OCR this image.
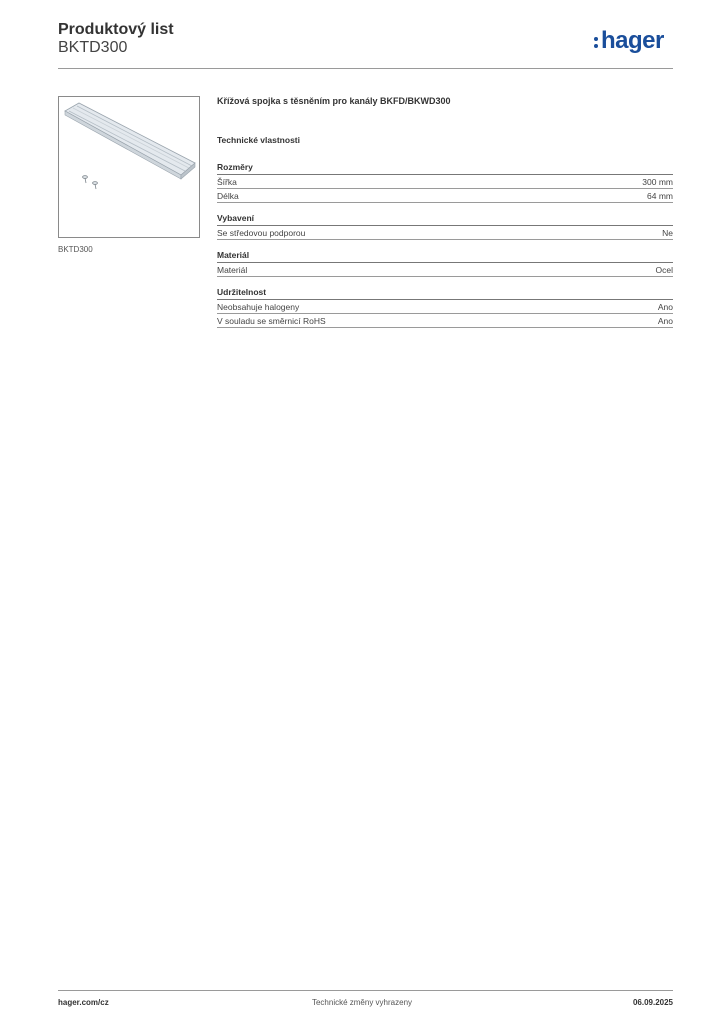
Produktový list
BKTD300	hager
BKTD300
Křížová spojka s těsněním pro kanály BKFD/BKWD300
Technické vlastnosti
Rozměry
Šířka	300 mm
Délka	64 mm
Vybavení
Se středovou podporou	Ne
Materiál
Materiál	Ocel
Udržitelnost
Neobsahuje halogeny	Ano
V souladu se směrnicí RoHS	Ano
hager.com/cz	Technické změny vyhrazeny	06.09.2025
